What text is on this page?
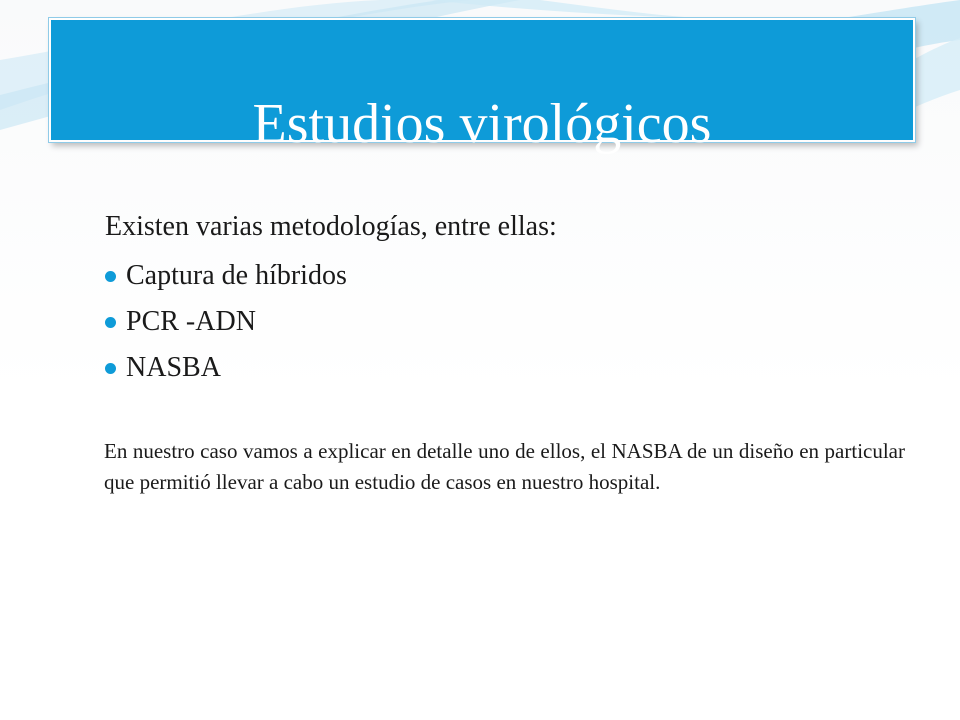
Estudios virológicos

Existen varias metodologías, entre ellas:

Captura de híbridos
PCR -ADN
NASBA

En nuestro caso vamos a explicar en detalle uno de ellos, el NASBA de un diseño en particular que permitió llevar a cabo un estudio de casos en nuestro hospital.
